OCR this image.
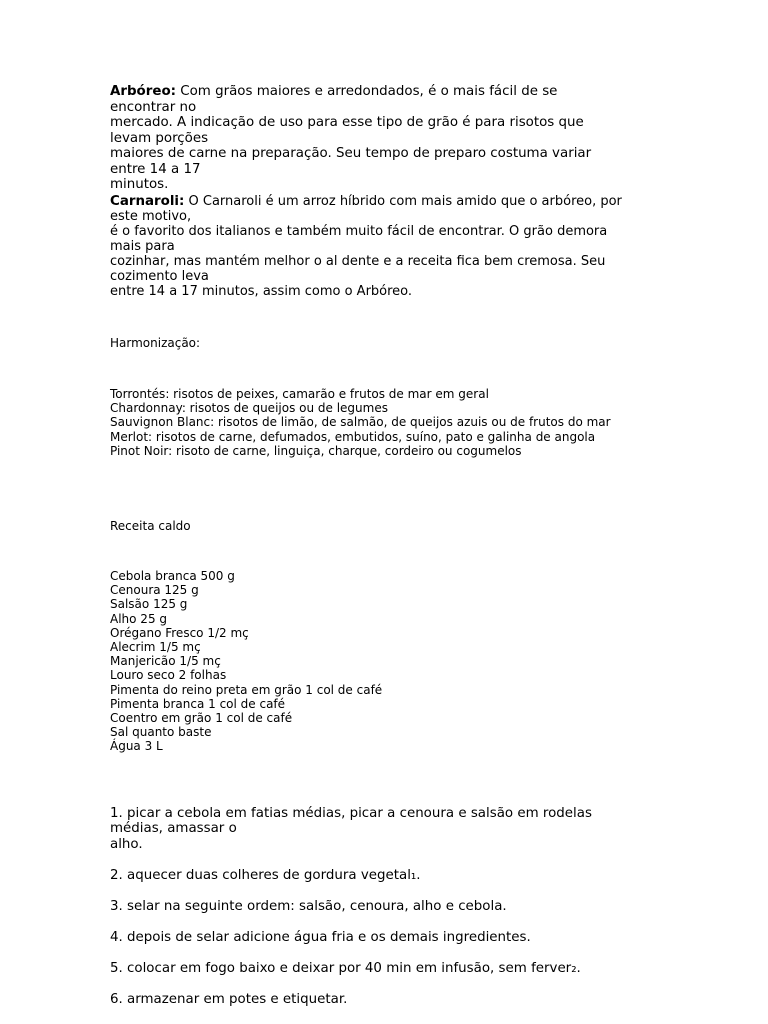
Arbóreo: Com grãos maiores e arredondados, é o mais fácil de se
encontrar no
mercado. A indicação de uso para esse tipo de grão é para risotos que
levam porções
maiores de carne na preparação. Seu tempo de preparo costuma variar
entre 14 a 17
minutos.
Carnaroli: O Carnaroli é um arroz híbrido com mais amido que o arbóreo, por
este motivo,
é o favorito dos italianos e também muito fácil de encontrar. O grão demora
mais para
cozinhar, mas mantém melhor o al dente e a receita fica bem cremosa. Seu
cozimento leva
entre 14 a 17 minutos, assim como o Arbóreo.
Harmonização:
Torrontés: risotos de peixes, camarão e frutos de mar em geral
Chardonnay: risotos de queijos ou de legumes
Sauvignon Blanc: risotos de limão, de salmão, de queijos azuis ou de frutos do mar
Merlot: risotos de carne, defumados, embutidos, suíno, pato e galinha de angola
Pinot Noir: risoto de carne, linguiça, charque, cordeiro ou cogumelos
Receita caldo
Cebola branca 500 g
Cenoura 125 g
Salsão 125 g
Alho 25 g
Orégano Fresco 1/2 mç
Alecrim 1/5 mç
Manjericão 1/5 mç
Louro seco 2 folhas
Pimenta do reino preta em grão 1 col de café
Pimenta branca 1 col de café
Coentro em grão 1 col de café
Sal quanto baste
Água 3 L

1. picar a cebola em fatias médias, picar a cenoura e salsão em rodelas
médias, amassar o
alho.

2. aquecer duas colheres de gordura vegetal₁.

3. selar na seguinte ordem: salsão, cenoura, alho e cebola.

4. depois de selar adicione água fria e os demais ingredientes.

5. colocar em fogo baixo e deixar por 40 min em infusão, sem ferver₂.

6. armazenar em potes e etiquetar.
